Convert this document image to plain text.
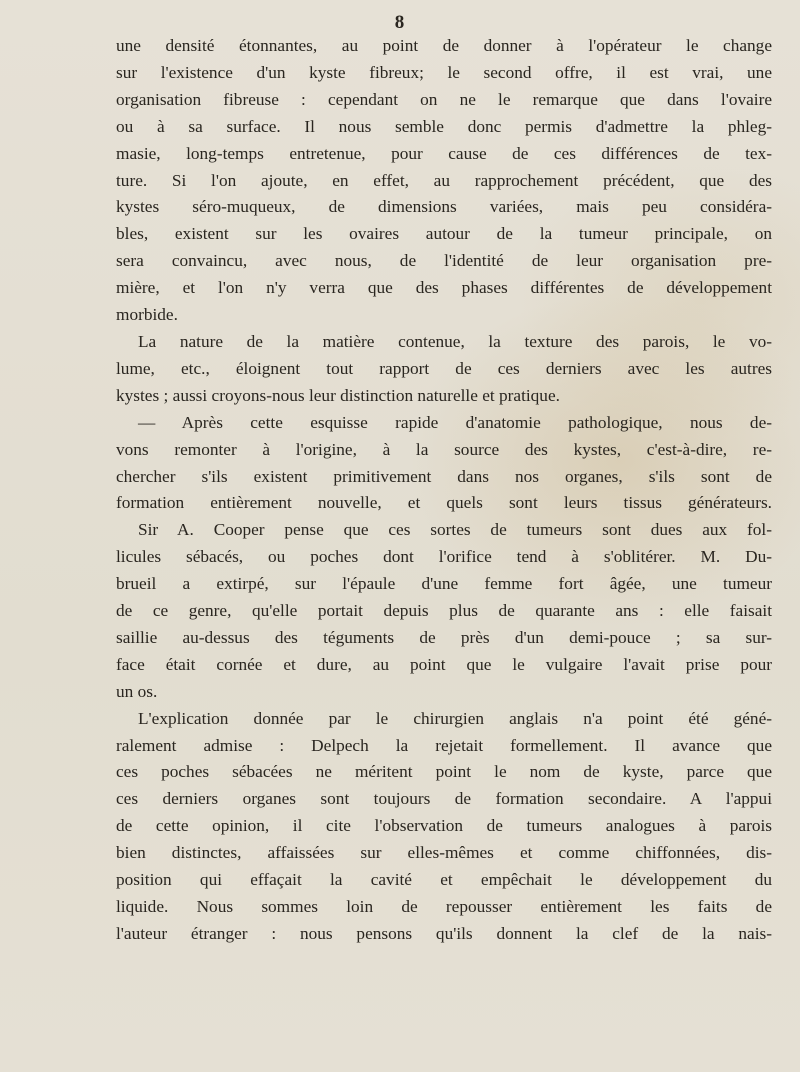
8
une densité étonnantes, au point de donner à l'opérateur le change
sur l'existence d'un kyste fibreux; le second offre, il est vrai, une
organisation fibreuse : cependant on ne le remarque que dans l'ovaire
ou à sa surface. Il nous semble donc permis d'admettre la phleg-
masie, long-temps entretenue, pour cause de ces différences de tex-
ture. Si l'on ajoute, en effet, au rapprochement précédent, que des
kystes séro-muqueux, de dimensions variées, mais peu considéra-
bles, existent sur les ovaires autour de la tumeur principale, on
sera convaincu, avec nous, de l'identité de leur organisation pre-
mière, et l'on n'y verra que des phases différentes de développement
morbide.
La nature de la matière contenue, la texture des parois, le vo-
lume, etc., éloignent tout rapport de ces derniers avec les autres
kystes ; aussi croyons-nous leur distinction naturelle et pratique.
— Après cette esquisse rapide d'anatomie pathologique, nous de-
vons remonter à l'origine, à la source des kystes, c'est-à-dire, re-
chercher s'ils existent primitivement dans nos organes, s'ils sont de
formation entièrement nouvelle, et quels sont leurs tissus générateurs.
Sir A. Cooper pense que ces sortes de tumeurs sont dues aux fol-
licules sébacés, ou poches dont l'orifice tend à s'oblitérer. M. Du-
brueil a extirpé, sur l'épaule d'une femme fort âgée, une tumeur
de ce genre, qu'elle portait depuis plus de quarante ans : elle faisait
saillie au-dessus des téguments de près d'un demi-pouce ; sa sur-
face était cornée et dure, au point que le vulgaire l'avait prise pour
un os.
L'explication donnée par le chirurgien anglais n'a point été géné-
ralement admise : Delpech la rejetait formellement. Il avance que
ces poches sébacées ne méritent point le nom de kyste, parce que
ces derniers organes sont toujours de formation secondaire. A l'appui
de cette opinion, il cite l'observation de tumeurs analogues à parois
bien distinctes, affaissées sur elles-mêmes et comme chiffonnées, dis-
position qui effaçait la cavité et empêchait le développement du
liquide. Nous sommes loin de repousser entièrement les faits de
l'auteur étranger : nous pensons qu'ils donnent la clef de la nais-
